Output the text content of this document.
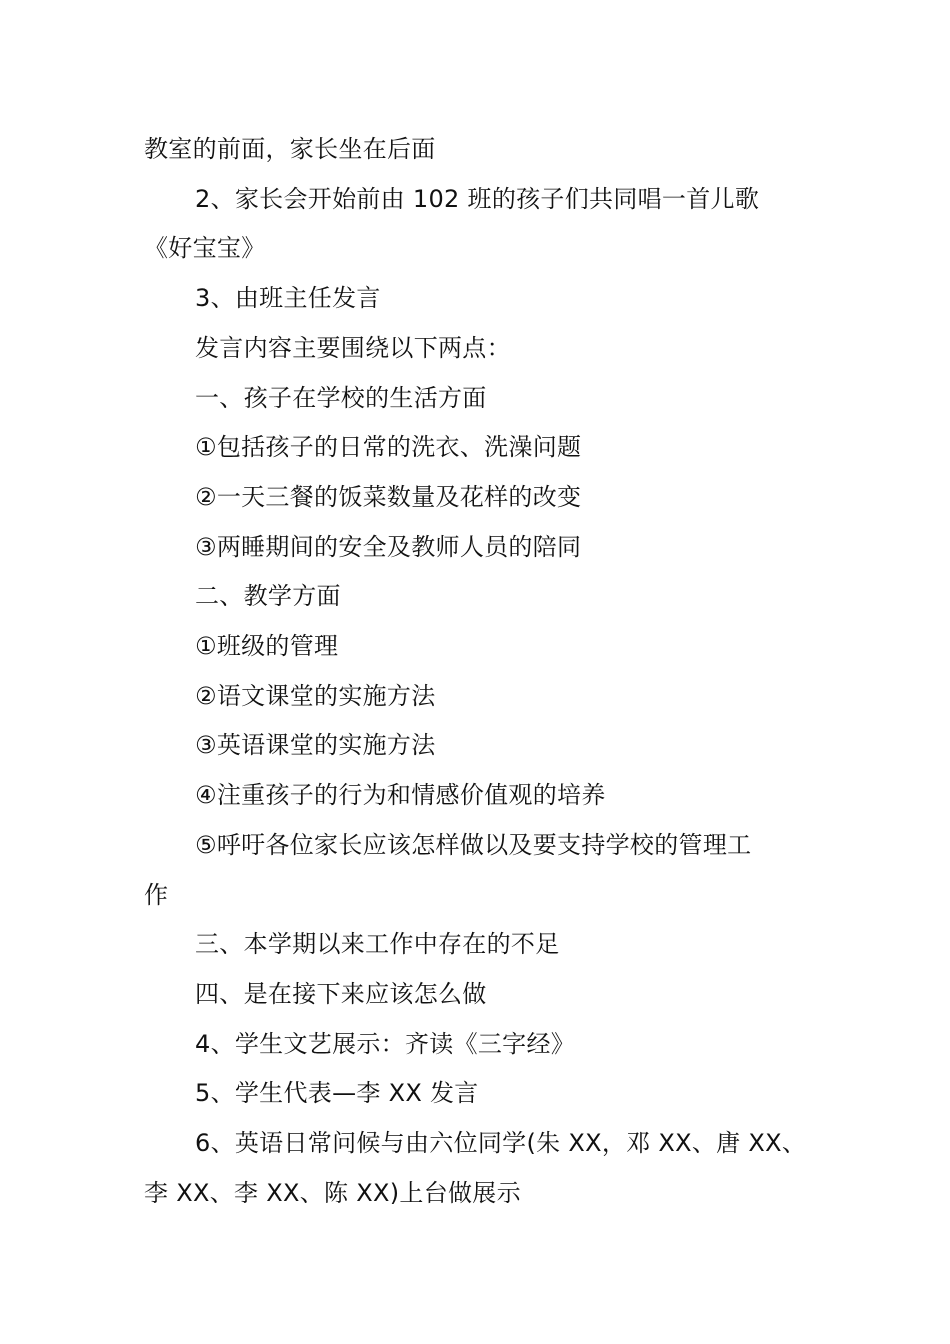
教室的前面，家长坐在后面

2、家长会开始前由 102 班的孩子们共同唱一首儿歌

《好宝宝》

3、由班主任发言

发言内容主要围绕以下两点：

一、孩子在学校的生活方面

①包括孩子的日常的洗衣、洗澡问题

②一天三餐的饭菜数量及花样的改变

③两睡期间的安全及教师人员的陪同

二、教学方面

①班级的管理

②语文课堂的实施方法

③英语课堂的实施方法

④注重孩子的行为和情感价值观的培养

⑤呼吁各位家长应该怎样做以及要支持学校的管理工

作

三、本学期以来工作中存在的不足

四、是在接下来应该怎么做

4、学生文艺展示：齐读《三字经》

5、学生代表—李 XX 发言

6、英语日常问候与由六位同学(朱 XX，邓 XX、唐 XX、

李 XX、李 XX、陈 XX)上台做展示
